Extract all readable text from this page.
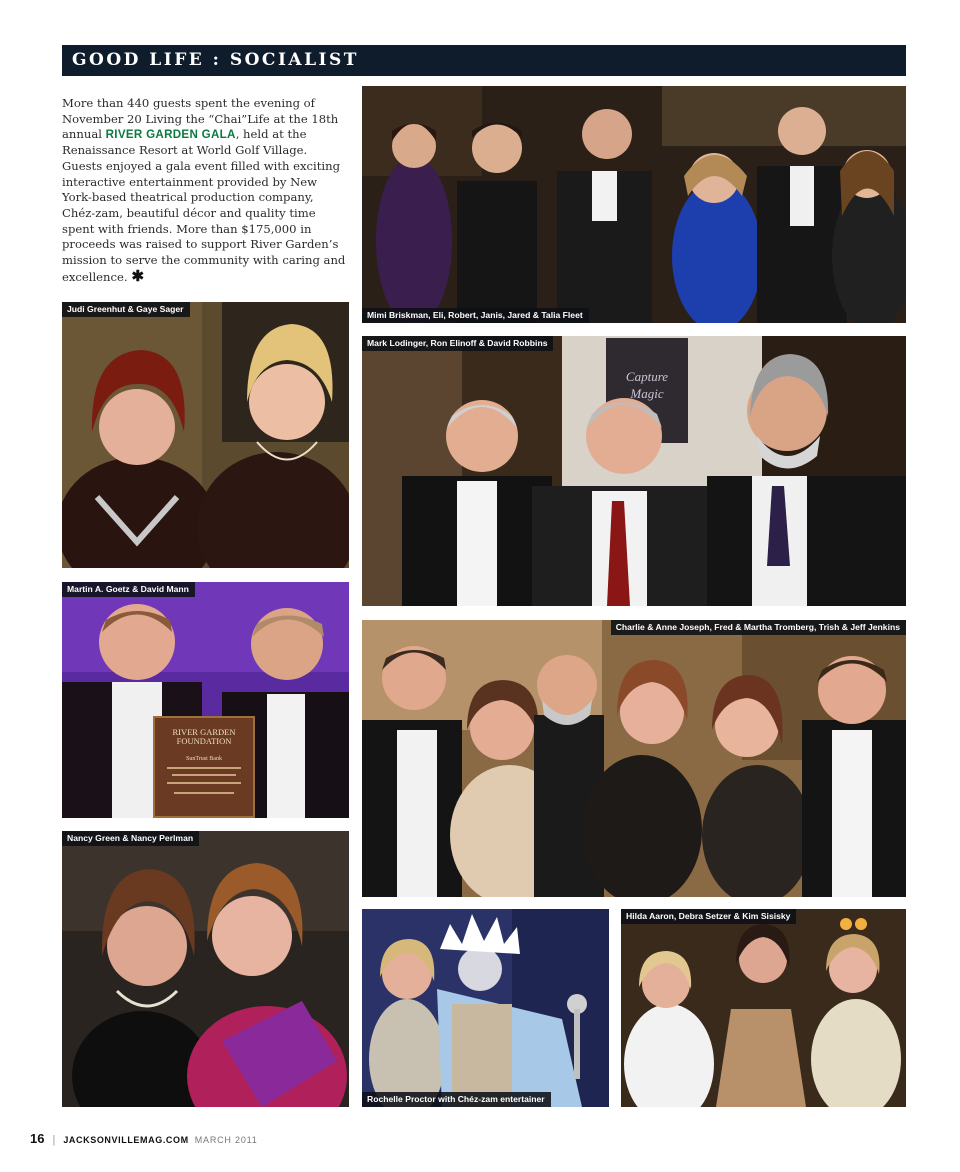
GOOD LIFE : SOCIALIST
More than 440 guests spent the evening of November 20 Living the “Chai”Life at the 18th annual RIVER GARDEN GALA, held at the Renaissance Resort at World Golf Village. Guests enjoyed a gala event filled with exciting interactive entertainment provided by New York-based theatrical production company, Chéz-zam, beautiful décor and quality time spent with friends. More than $175,000 in proceeds was raised to support River Garden’s mission to serve the community with caring and excellence. ✱
Mimi Briskman, Eli, Robert, Janis, Jared & Talia Fleet
Judi Greenhut & Gaye Sager
Capture
Magic
Mark Lodinger, Ron Elinoff & David Robbins
RIVER GARDEN
FOUNDATION
SunTrust Bank
Martin A. Goetz & David Mann
Charlie & Anne Joseph, Fred & Martha Tromberg, Trish & Jeff Jenkins
Nancy Green & Nancy Perlman
Rochelle Proctor with Chéz-zam entertainer
Hilda Aaron, Debra Setzer & Kim Sisisky
16 | JACKSONVILLEMAG.COM MARCH 2011
